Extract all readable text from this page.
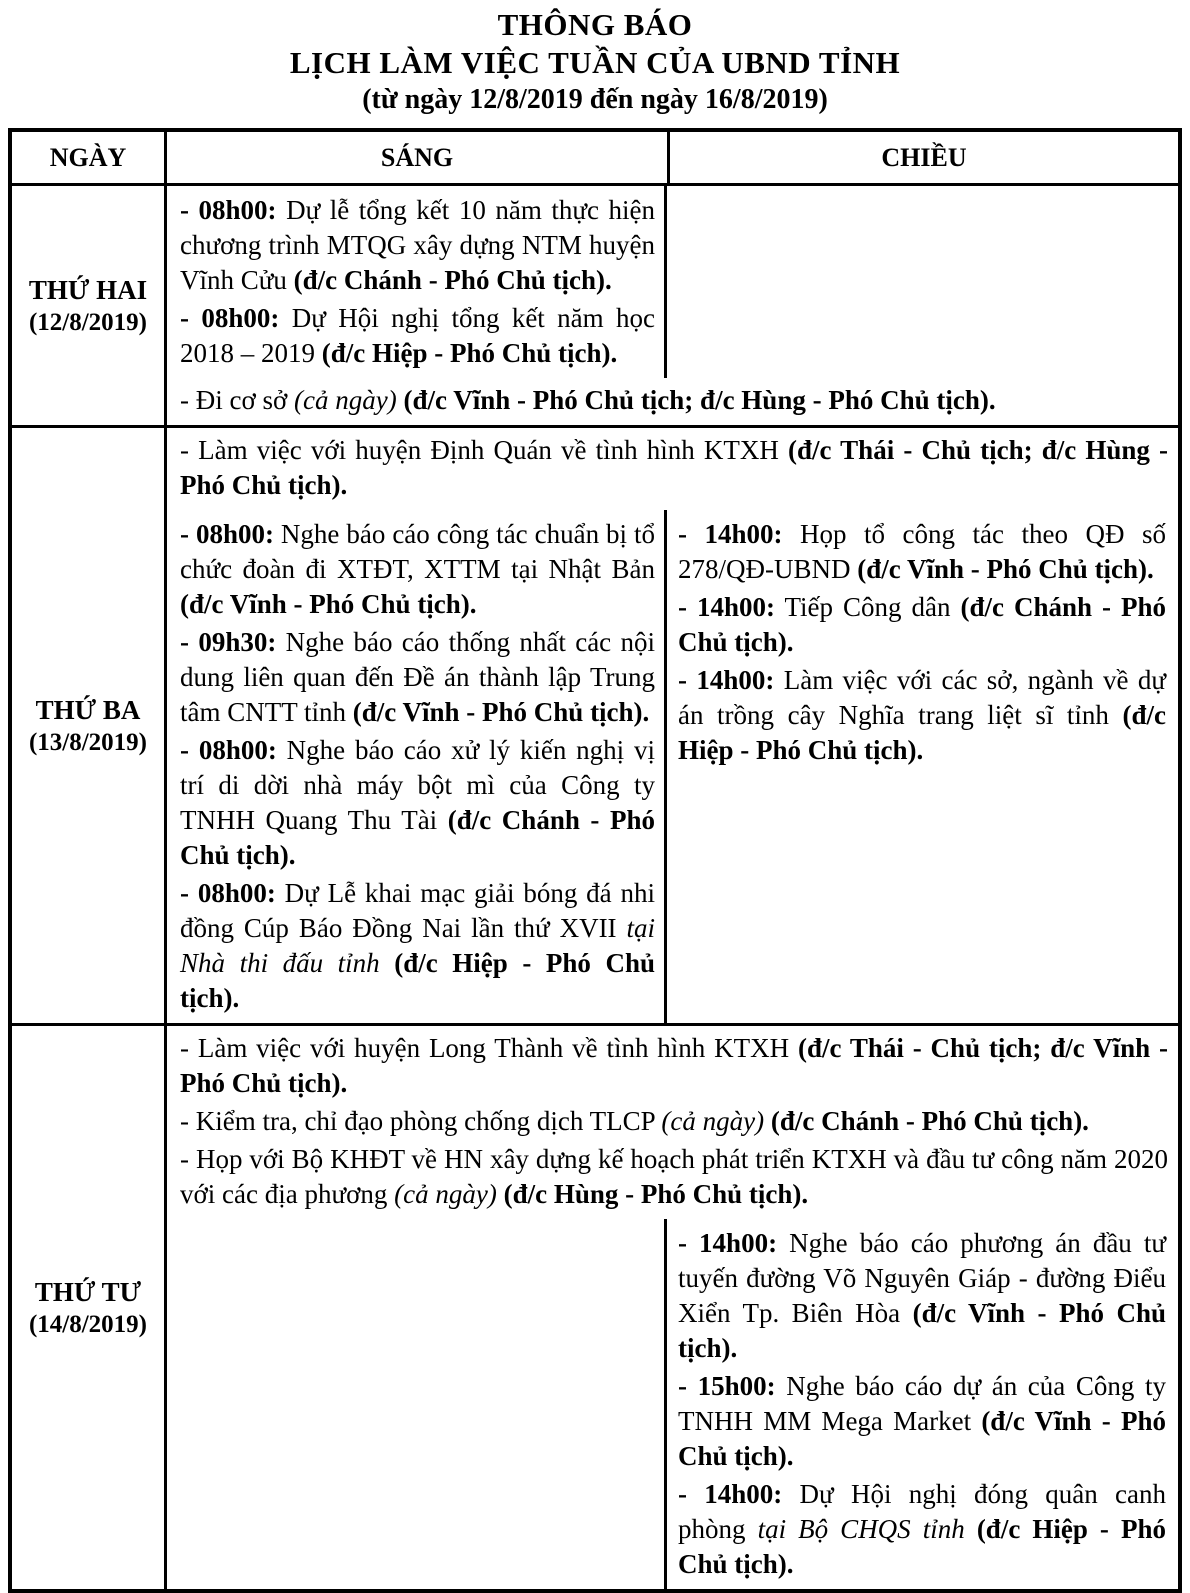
THÔNG BÁO
LỊCH LÀM VIỆC TUẦN CỦA UBND TỈNH
(từ ngày 12/8/2019 đến ngày 16/8/2019)
NGÀY	SÁNG	CHIỀU
THỨ HAI
(12/8/2019)

- 08h00: Dự lễ tổng kết 10 năm thực hiện chương trình MTQG xây dựng NTM huyện Vĩnh Cửu (đ/c Chánh - Phó Chủ tịch).

- 08h00: Dự Hội nghị tổng kết năm học 2018 – 2019 (đ/c Hiệp - Phó Chủ tịch).

- Đi cơ sở (cả ngày) (đ/c Vĩnh - Phó Chủ tịch; đ/c Hùng - Phó Chủ tịch).

THỨ BA
(13/8/2019)

- Làm việc với huyện Định Quán về tình hình KTXH (đ/c Thái - Chủ tịch; đ/c Hùng - Phó Chủ tịch).

- 08h00: Nghe báo cáo công tác chuẩn bị tổ chức đoàn đi XTĐT, XTTM tại Nhật Bản (đ/c Vĩnh - Phó Chủ tịch).

- 09h30: Nghe báo cáo thống nhất các nội dung liên quan đến Đề án thành lập Trung tâm CNTT tỉnh (đ/c Vĩnh - Phó Chủ tịch).

- 08h00: Nghe báo cáo xử lý kiến nghị vị trí di dời nhà máy bột mì của Công ty TNHH Quang Thu Tài (đ/c Chánh - Phó Chủ tịch).

- 08h00: Dự Lễ khai mạc giải bóng đá nhi đồng Cúp Báo Đồng Nai lần thứ XVII tại Nhà thi đấu tỉnh (đ/c Hiệp - Phó Chủ tịch).

- 14h00: Họp tổ công tác theo QĐ số 278/QĐ-UBND (đ/c Vĩnh - Phó Chủ tịch).

- 14h00: Tiếp Công dân (đ/c Chánh - Phó Chủ tịch).

- 14h00: Làm việc với các sở, ngành về dự án trồng cây Nghĩa trang liệt sĩ tỉnh (đ/c Hiệp - Phó Chủ tịch).

THỨ TƯ
(14/8/2019)

- Làm việc với huyện Long Thành về tình hình KTXH (đ/c Thái - Chủ tịch; đ/c Vĩnh - Phó Chủ tịch).

- Kiểm tra, chỉ đạo phòng chống dịch TLCP (cả ngày) (đ/c Chánh - Phó Chủ tịch).

- Họp với Bộ KHĐT về HN xây dựng kế hoạch phát triển KTXH và đầu tư công năm 2020 với các địa phương (cả ngày) (đ/c Hùng - Phó Chủ tịch).

- 14h00: Nghe báo cáo phương án đầu tư tuyến đường Võ Nguyên Giáp - đường Điểu Xiển Tp. Biên Hòa (đ/c Vĩnh - Phó Chủ tịch).

- 15h00: Nghe báo cáo dự án của Công ty TNHH MM Mega Market (đ/c Vĩnh - Phó Chủ tịch).

- 14h00: Dự Hội nghị đóng quân canh phòng tại Bộ CHQS tỉnh (đ/c Hiệp - Phó Chủ tịch).
